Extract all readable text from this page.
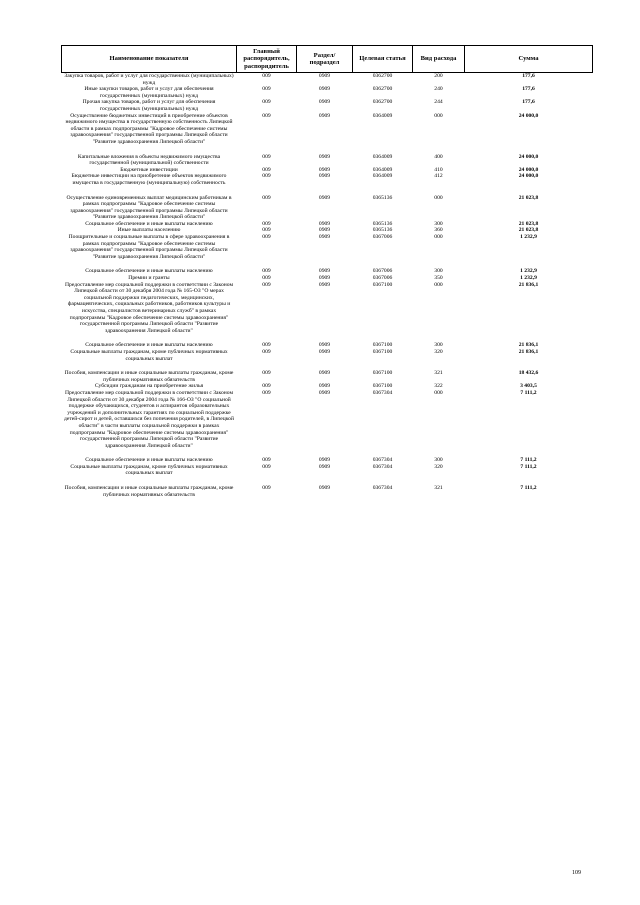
Наименование показателя	Главный распорядитель, распорядитель	Раздел/подраздел	Целевая статья	Вид расхода	Сумма
Закупка товаров, работ и услуг для государственных (муниципальных) нужд	009	0909	0362700	200	177,6
Иные закупки товаров, работ и услуг для обеспечения государственных (муниципальных) нужд	009	0909	0362700	240	177,6
Прочая закупка товаров, работ и услуг для обеспечения государственных (муниципальных) нужд	009	0909	0362700	244	177,6
Осуществление бюджетных инвестиций в приобретение объектов недвижимого имущества в государственную собственность Липецкой области в рамках подпрограммы "Кадровое обеспечение системы здравоохранения" государственной программы Липецкой области "Развитие здравоохранения Липецкой области"	009	0909	0364009	000	24 000,0

Капитальные вложения в объекты недвижимого имущества государственной (муниципальной) собственности	009	0909	0364009	400	24 000,0
Бюджетные инвестиции	009	0909	0364009	410	24 000,0
Бюджетные инвестиции на приобретение объектов недвижимого имущества в государственную (муниципальную) собственность	009	0909	0364009	412	24 000,0

Осуществление единовременных выплат медицинским работникам в рамках подпрограммы "Кадровое обеспечение системы здравоохранения" государственной программы Липецкой области "Развитие здравоохранения Липецкой области"	009	0909	0365136	000	21 023,8
Социальное обеспечение и иные выплаты населению	009	0909	0365136	300	21 023,8
Иные выплаты населению	009	0909	0365136	360	21 023,8
Поощрительные и социальные выплаты в сфере здравоохранения в рамках подпрограммы "Кадровое обеспечение системы здравоохранения" государственной программы Липецкой области "Развитие здравоохранения Липецкой области"	009	0909	0367006	000	1 232,9

Социальное обеспечение и иные выплаты населению	009	0909	0367006	300	1 232,9
Премии и гранты	009	0909	0367006	350	1 232,9
Предоставление мер социальной поддержки в соответствии с Законом Липецкой области от 30 декабря 2004 года № 165-ОЗ "О мерах социальной поддержки педагогических, медицинских, фармацевтических, социальных работников, работников культуры и искусства, специалистов ветеринарных служб" в рамках подпрограммы "Кадровое обеспечение системы здравоохранения" государственной программы Липецкой области "Развитие здравоохранения Липецкой области"	009	0909	0367100	000	21 836,1

Социальное обеспечение и иные выплаты населению	009	0909	0367100	300	21 836,1
Социальные выплаты гражданам, кроме публичных нормативных социальных выплат	009	0909	0367100	320	21 836,1

Пособия, компенсации и иные социальные выплаты гражданам, кроме публичных нормативных обязательств	009	0909	0367100	321	18 432,6
Субсидии гражданам на приобретение жилья	009	0909	0367100	322	3 403,5
Предоставление мер социальной поддержки в соответствии с Законом Липецкой области от 30 декабря 2004 года № 166-ОЗ "О социальной поддержке обучающихся, студентов и аспирантов образовательных учреждений и дополнительных гарантиях по социальной поддержке детей-сирот и детей, оставшихся без попечения родителей, в Липецкой области" в части выплаты социальной поддержки в рамках подпрограммы "Кадровое обеспечение системы здравоохранения" государственной программы Липецкой области "Развитие здравоохранения Липецкой области"	009	0909	0367304	000	7 111,2

Социальное обеспечение и иные выплаты населению	009	0909	0367304	300	7 111,2
Социальные выплаты гражданам, кроме публичных нормативных социальных выплат	009	0909	0367304	320	7 111,2

Пособия, компенсации и иные социальные выплаты гражданам, кроме публичных нормативных обязательств	009	0909	0367304	321	7 111,2
109
